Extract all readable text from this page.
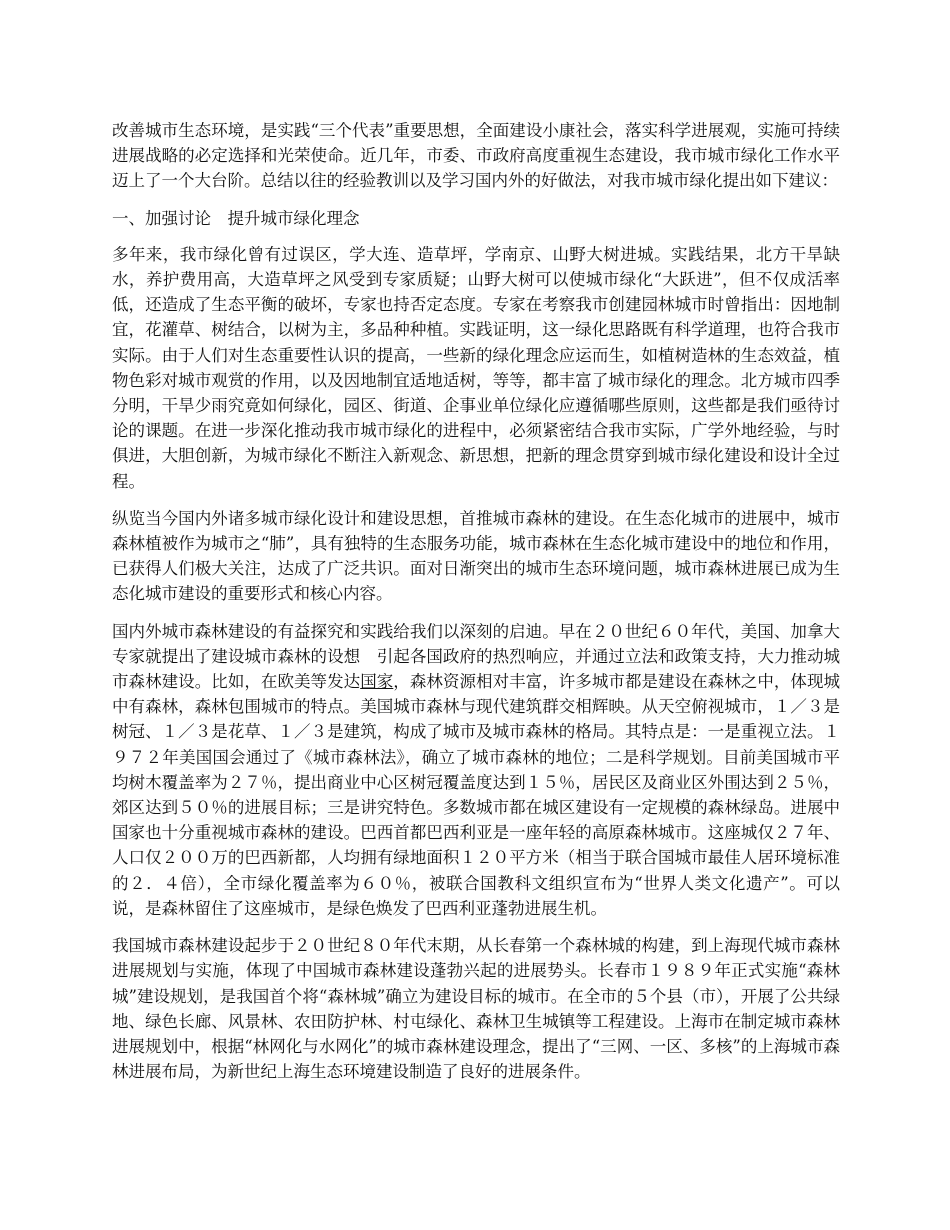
改善城市生态环境，是实践“三个代表”重要思想，全面建设小康社会，落实科学进展观，实施可持续进展战略的必定选择和光荣使命。近几年，市委、市政府高度重视生态建设，我市城市绿化工作水平迈上了一个大台阶。总结以往的经验教训以及学习国内外的好做法，对我市城市绿化提出如下建议：

一、加强讨论　提升城市绿化理念

多年来，我市绿化曾有过误区，学大连、造草坪，学南京、山野大树进城。实践结果，北方干旱缺水，养护费用高，大造草坪之风受到专家质疑；山野大树可以使城市绿化“大跃进”，但不仅成活率低，还造成了生态平衡的破坏，专家也持否定态度。专家在考察我市创建园林城市时曾指出：因地制宜，花灌草、树结合，以树为主，多品种种植。实践证明，这一绿化思路既有科学道理，也符合我市实际。由于人们对生态重要性认识的提高，一些新的绿化理念应运而生，如植树造林的生态效益，植物色彩对城市观赏的作用，以及因地制宜适地适树，等等，都丰富了城市绿化的理念。北方城市四季分明，干旱少雨究竟如何绿化，园区、街道、企事业单位绿化应遵循哪些原则，这些都是我们亟待讨论的课题。在进一步深化推动我市城市绿化的进程中，必须紧密结合我市实际，广学外地经验，与时俱进，大胆创新，为城市绿化不断注入新观念、新思想，把新的理念贯穿到城市绿化建设和设计全过程。

纵览当今国内外诸多城市绿化设计和建设思想，首推城市森林的建设。在生态化城市的进展中，城市森林植被作为城市之“肺”，具有独特的生态服务功能，城市森林在生态化城市建设中的地位和作用，已获得人们极大关注，达成了广泛共识。面对日渐突出的城市生态环境问题，城市森林进展已成为生态化城市建设的重要形式和核心内容。

国内外城市森林建设的有益探究和实践给我们以深刻的启迪。早在２０世纪６０年代，美国、加拿大专家就提出了建设城市森林的设想　引起各国政府的热烈响应，并通过立法和政策支持，大力推动城市森林建设。比如，在欧美等发达国家，森林资源相对丰富，许多城市都是建设在森林之中，体现城中有森林，森林包围城市的特点。美国城市森林与现代建筑群交相辉映。从天空俯视城市，１／３是树冠、１／３是花草、１／３是建筑，构成了城市及城市森林的格局。其特点是：一是重视立法。１９７２年美国国会通过了《城市森林法》，确立了城市森林的地位；二是科学规划。目前美国城市平均树木覆盖率为２７％，提出商业中心区树冠覆盖度达到１５％，居民区及商业区外围达到２５％，郊区达到５０％的进展目标；三是讲究特色。多数城市都在城区建设有一定规模的森林绿岛。进展中国家也十分重视城市森林的建设。巴西首都巴西利亚是一座年轻的高原森林城市。这座城仅２７年、人口仅２００万的巴西新都，人均拥有绿地面积１２０平方米（相当于联合国城市最佳人居环境标准的２．４倍），全市绿化覆盖率为６０％，被联合国教科文组织宣布为“世界人类文化遗产”。可以说，是森林留住了这座城市，是绿色焕发了巴西利亚蓬勃进展生机。

我国城市森林建设起步于２０世纪８０年代末期，从长春第一个森林城的构建，到上海现代城市森林进展规划与实施，体现了中国城市森林建设蓬勃兴起的进展势头。长春市１９８９年正式实施“森林城”建设规划，是我国首个将“森林城”确立为建设目标的城市。在全市的５个县（市），开展了公共绿地、绿色长廊、风景林、农田防护林、村屯绿化、森林卫生城镇等工程建设。上海市在制定城市森林进展规划中，根据“林网化与水网化”的城市森林建设理念，提出了“三网、一区、多核”的上海城市森林进展布局，为新世纪上海生态环境建设制造了良好的进展条件。
